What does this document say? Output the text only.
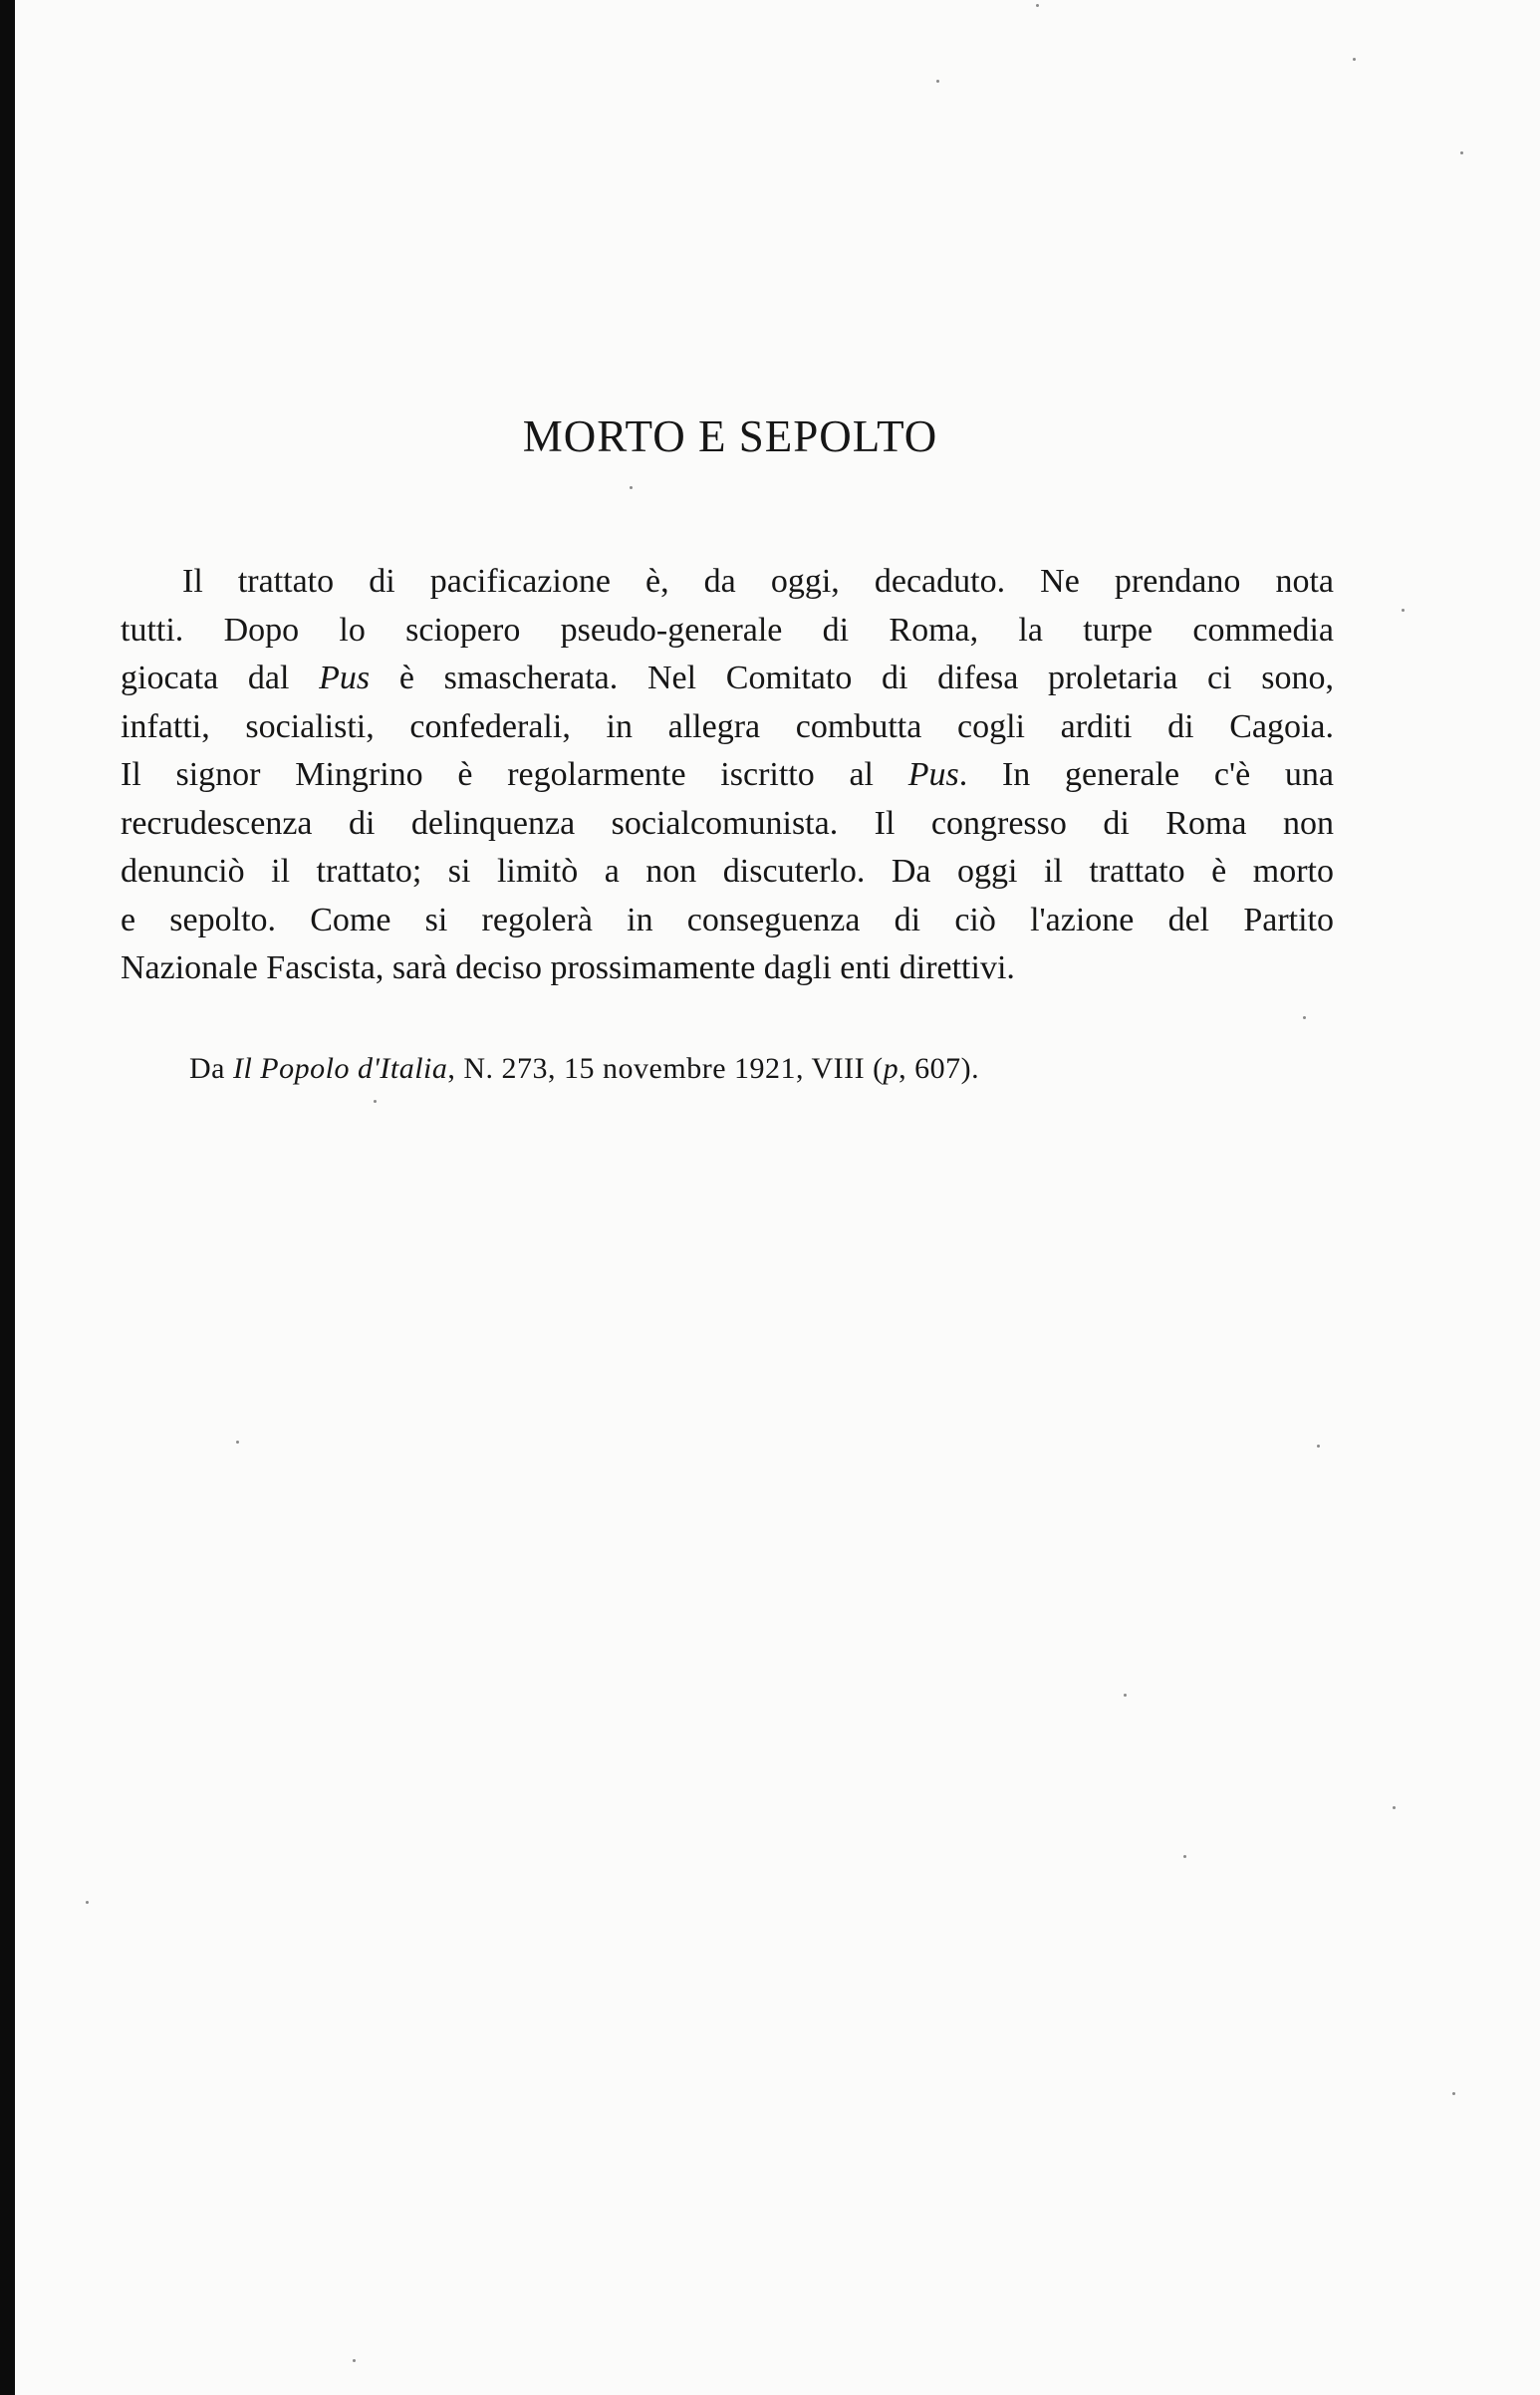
MORTO E SEPOLTO
Il trattato di pacificazione è, da oggi, decaduto. Ne prendano nota
tutti. Dopo lo sciopero pseudo-generale di Roma, la turpe commedia
giocata dal Pus è smascherata. Nel Comitato di difesa proletaria ci sono,
infatti, socialisti, confederali, in allegra combutta cogli arditi di Cagoia.
Il signor Mingrino è regolarmente iscritto al Pus. In generale c'è una
recrudescenza di delinquenza socialcomunista. Il congresso di Roma non
denunciò il trattato; si limitò a non discuterlo. Da oggi il trattato è morto
e sepolto. Come si regolerà in conseguenza di ciò l'azione del Partito
Nazionale Fascista, sarà deciso prossimamente dagli enti direttivi.

Da Il Popolo d'Italia, N. 273, 15 novembre 1921, VIII (p, 607).
